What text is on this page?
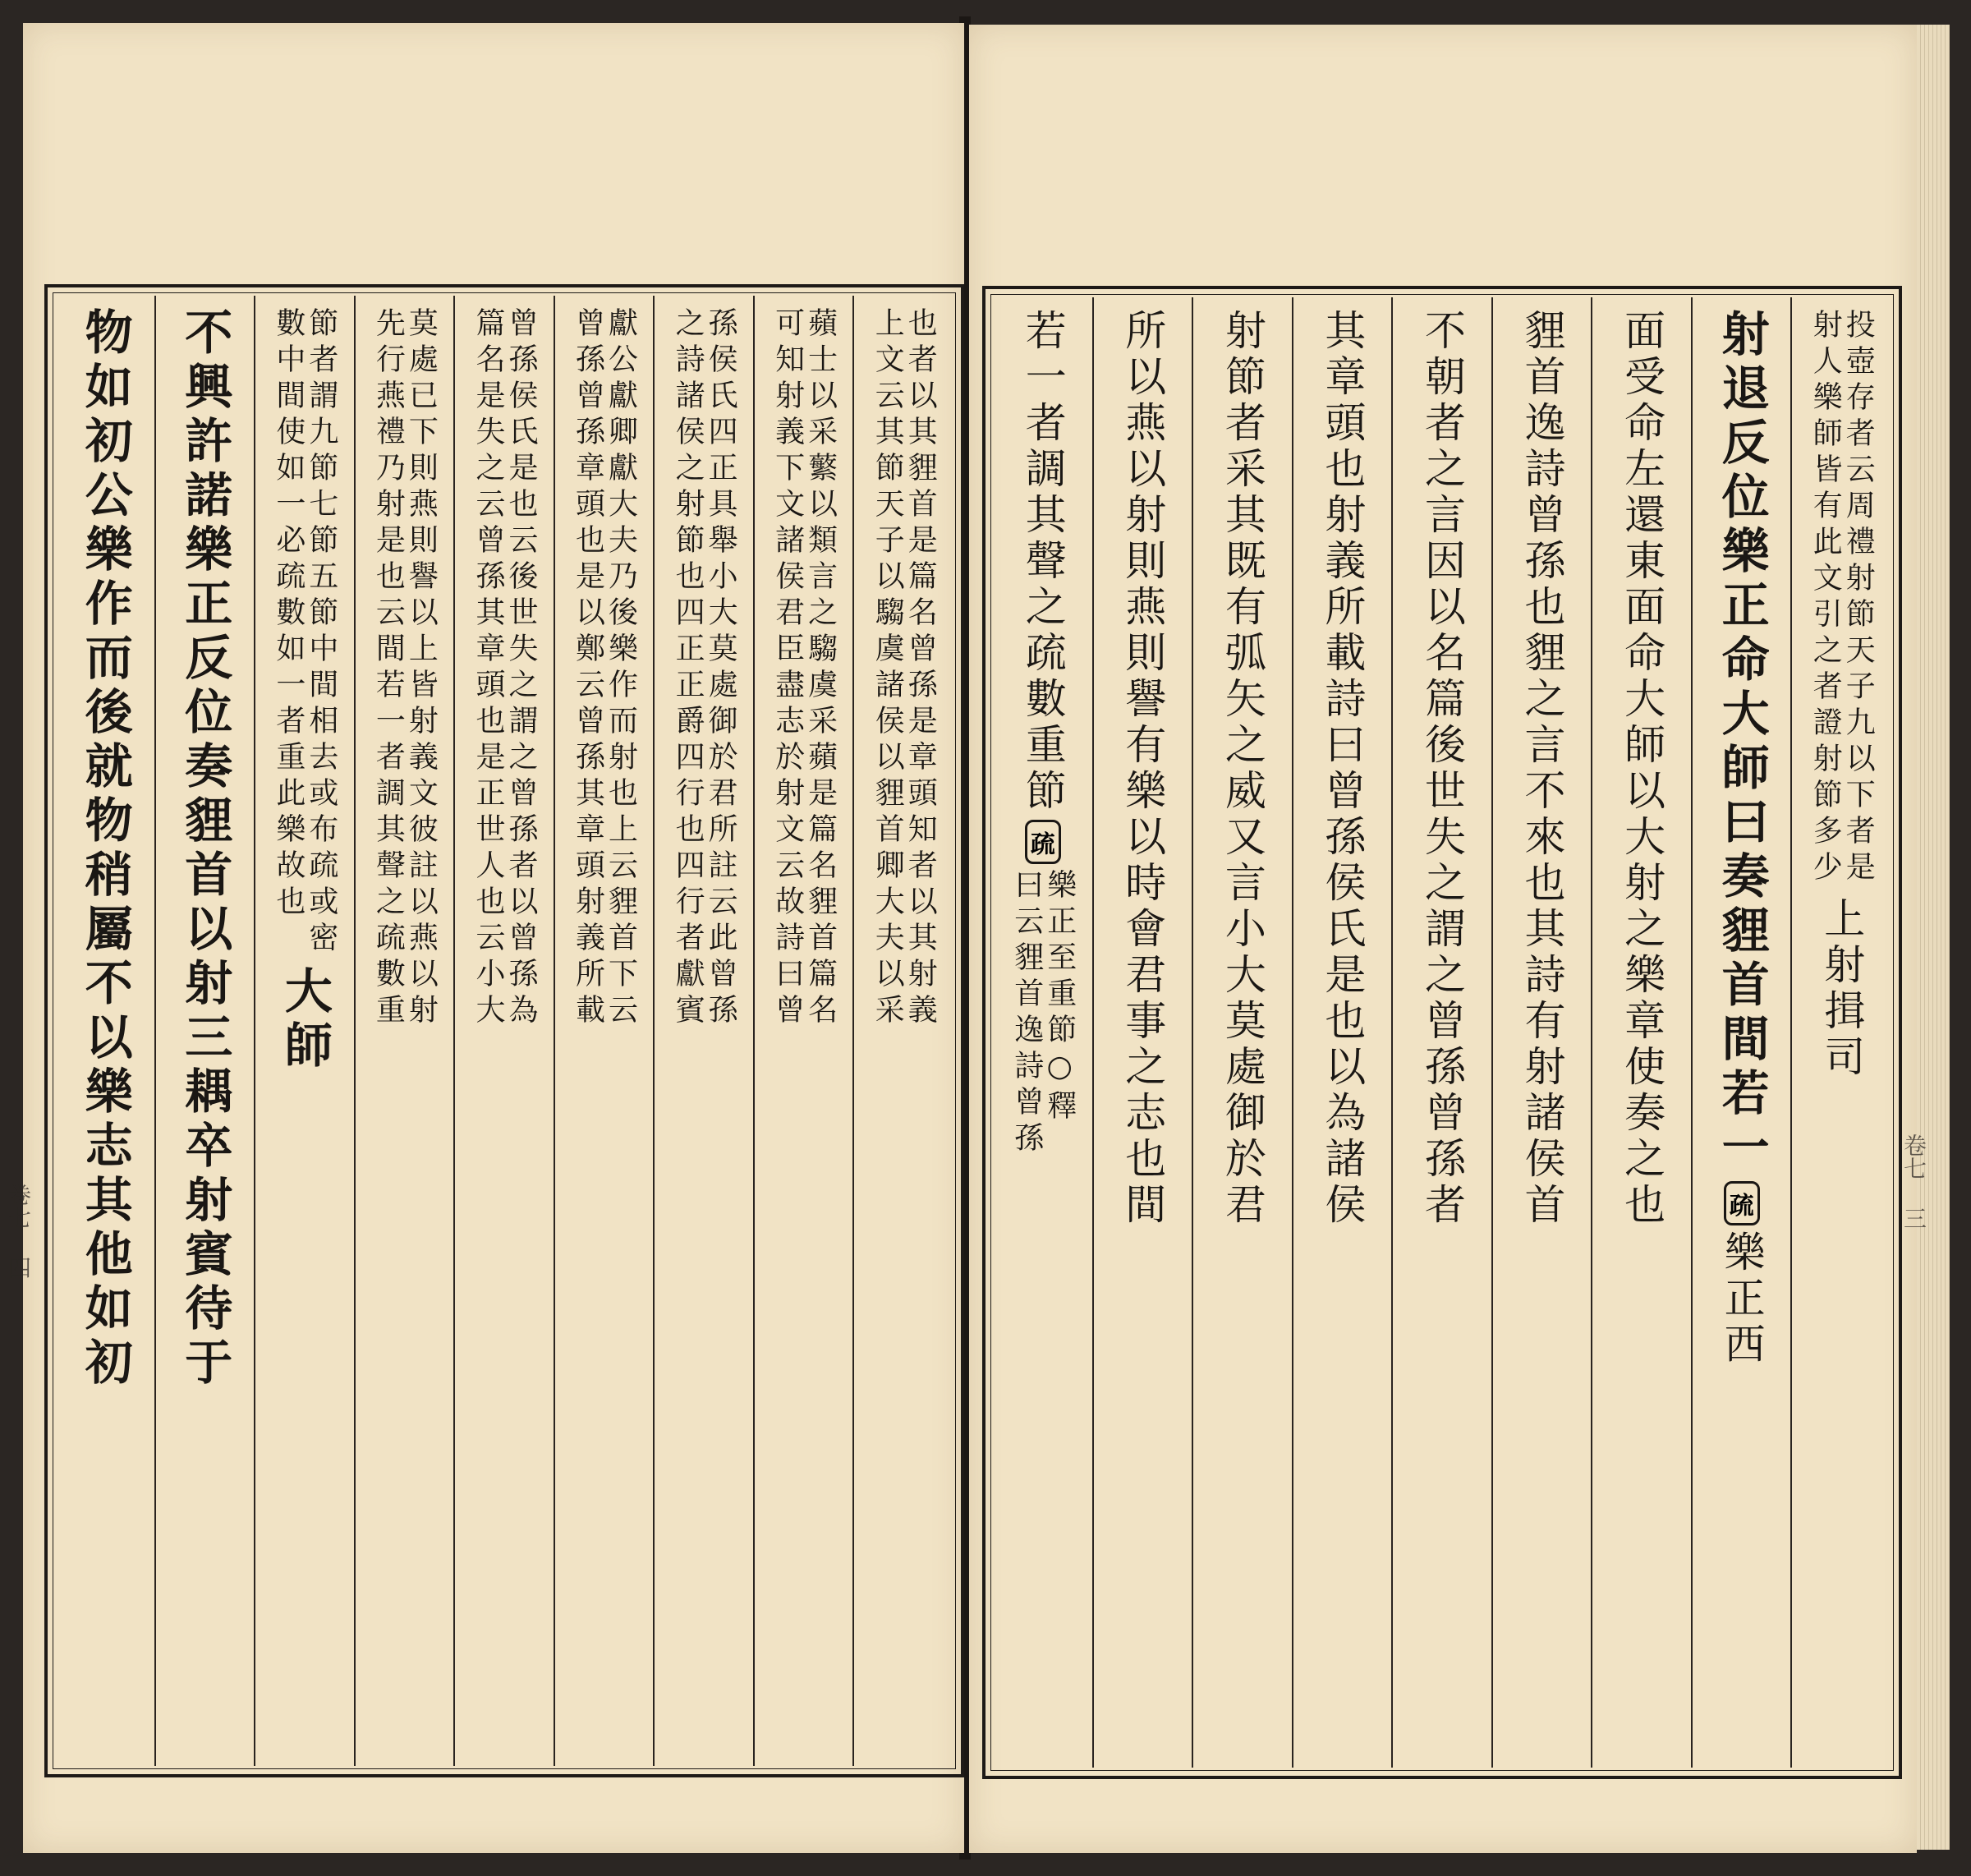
也者以其貍首是篇名曾孫是章頭知者以其射義
上文云其節天子以騶虞諸侯以貍首卿大夫以采
蘋士以采蘩以類言之騶虞采蘋是篇名貍首篇名
可知射義下文諸侯君臣盡志於射文云故詩曰曾
孫侯氏四正具舉小大莫處御於君所註云此曾孫
之詩諸侯之射節也四正正爵四行也四行者獻賓
獻公獻卿獻大夫乃後樂作而射也上云貍首下云
曾孫曾孫章頭也是以鄭云曾孫其章頭射義所載
曾孫侯氏是也云後世失之謂之曾孫者以曾孫為
篇名是失之云曾孫其章頭也是正世人也云小大
莫處已下則燕則譽以上皆射義文彼註以燕以射
先行燕禮乃射是也云間若一者調其聲之疏數重
節者謂九節七節五節中間相去或布疏或密
數中間使如一必疏數如一者重此樂故也
大師
不興許諾樂正反位奏貍首以射三耦卒射賓待于
物如初公樂作而後就物稍屬不以樂志其他如初	投壺存者云周禮射節天子九以下者是
射人樂師皆有此文引之者證射節多少
上射揖司
射退反位樂正命大師曰奏貍首間若一
疏
樂正西
面受命左還東面命大師以大射之樂章使奏之也
貍首逸詩曾孫也貍之言不來也其詩有射諸侯首
不朝者之言因以名篇後世失之謂之曾孫曾孫者
其章頭也射義所載詩曰曾孫侯氏是也以為諸侯
射節者采其既有弧矢之威又言小大莫處御於君
所以燕以射則燕則譽有樂以時會君事之志也間
若一者調其聲之疏數重節
疏
樂正至重節○釋
曰云貍首逸詩曾孫
卷七 四
卷七 三
